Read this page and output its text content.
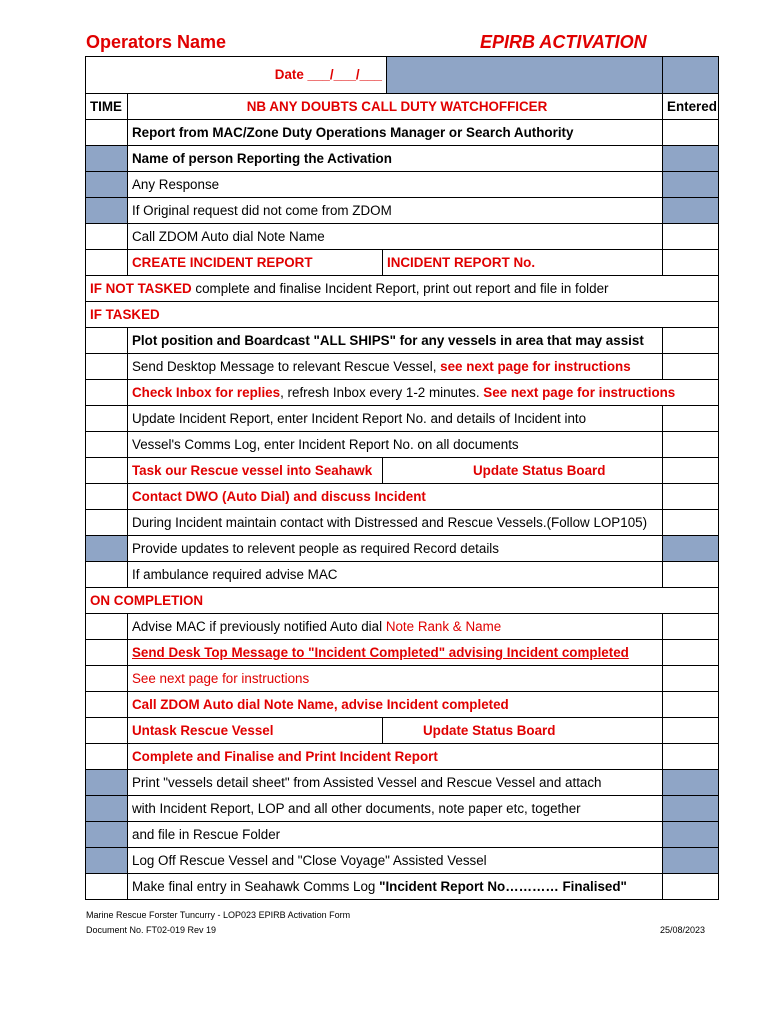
Operators Name	EPIRB ACTIVATION
Date ___/___/___			

TIME	NB ANY DOUBTS CALL DUTY WATCHOFFICER		Entered
	Report from MAC/Zone Duty Operations Manager or Search Authority		
	Name of person Reporting the Activation		
	Any Response		
	If Original request did not come from ZDOM		
	Call ZDOM Auto dial Note Name		
	CREATE INCIDENT REPORT	INCIDENT REPORT No.	
IF NOT TASKED complete and finalise Incident Report, print out report and file in folder			
IF TASKED			
	Plot position and Boardcast "ALL SHIPS" for any vessels in area that may assist		
	Send Desktop Message to relevant Rescue Vessel, see next page for instructions		
	Check Inbox for replies, refresh Inbox every 1-2 minutes. See next page for instructions		
	Update Incident Report, enter Incident Report No. and details of Incident into		
	Vessel's Comms Log, enter Incident Report No. on all documents		
	Task our Rescue vessel into Seahawk	Update Status Board	
	Contact DWO (Auto Dial) and discuss Incident		
	During Incident maintain contact with Distressed and Rescue Vessels.(Follow LOP105)		
	Provide updates to relevent people as required Record details		
	If ambulance required advise MAC		
ON COMPLETION			
	Advise MAC if previously notified Auto dial Note Rank & Name		
	Send Desk Top Message to "Incident Completed" advising Incident completed		
	See next page for instructions		
	Call ZDOM Auto dial Note Name, advise Incident completed		
	Untask Rescue Vessel	Update Status Board	
	Complete and Finalise and Print Incident Report		
	Print "vessels detail sheet" from Assisted Vessel and Rescue Vessel and attach		
	with Incident Report, LOP and all other documents, note paper etc, together		
	and file in Rescue Folder		
	Log Off Rescue Vessel and "Close Voyage" Assisted Vessel		
	Make final entry in Seahawk Comms Log "Incident Report No………… Finalised"		
Marine Rescue Forster Tuncurry - LOP023 EPIRB Activation Form
Document No. FT02-019 Rev 19	25/08/2023
